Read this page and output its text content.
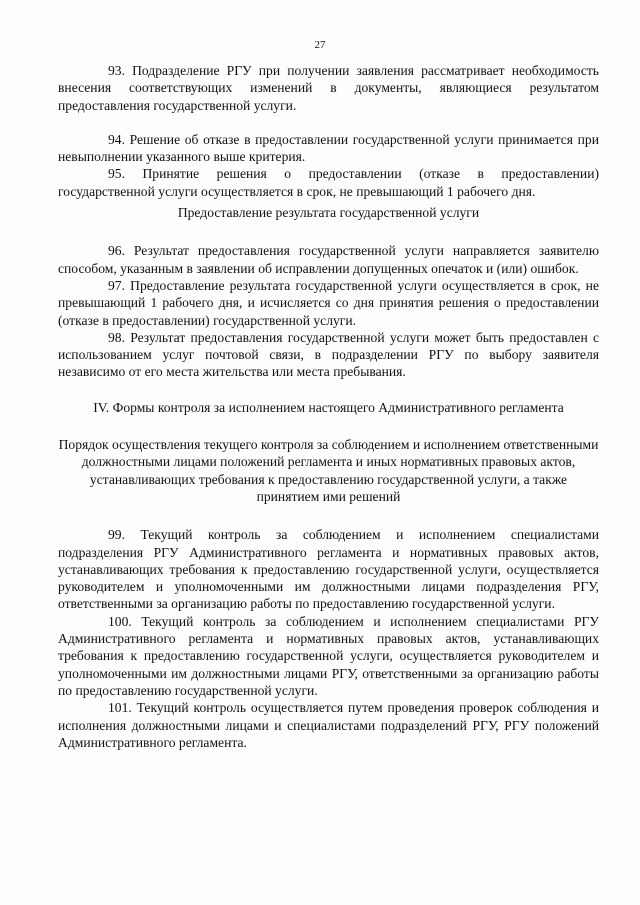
27

93. Подразделение РГУ при получении заявления рассматривает необходимость внесения соответствующих изменений в документы, являющиеся результатом предоставления государственной услуги.

94. Решение об отказе в предоставлении государственной услуги принимается при невыполнении указанного выше критерия.

95. Принятие решения о предоставлении (отказе в предоставлении) государственной услуги осуществляется в срок, не превышающий 1 рабочего дня.

Предоставление результата государственной услуги

96. Результат предоставления государственной услуги направляется заявителю способом, указанным в заявлении об исправлении допущенных опечаток и (или) ошибок.

97. Предоставление результата государственной услуги осуществляется в срок, не превышающий 1 рабочего дня, и исчисляется со дня принятия решения о предоставлении (отказе в предоставлении) государственной услуги.

98. Результат предоставления государственной услуги может быть предоставлен с использованием услуг почтовой связи, в подразделении РГУ по выбору заявителя независимо от его места жительства или места пребывания.

IV. Формы контроля за исполнением настоящего Административного регламента

Порядок осуществления текущего контроля за соблюдением и исполнением ответственными должностными лицами положений регламента и иных нормативных правовых актов, устанавливающих требования к предоставлению государственной услуги, а также принятием ими решений

99. Текущий контроль за соблюдением и исполнением специалистами подразделения РГУ Административного регламента и нормативных правовых актов, устанавливающих требования к предоставлению государственной услуги, осуществляется руководителем и уполномоченными им должностными лицами подразделения РГУ, ответственными за организацию работы по предоставлению государственной услуги.

100. Текущий контроль за соблюдением и исполнением специалистами РГУ Административного регламента и нормативных правовых актов, устанавливающих требования к предоставлению государственной услуги, осуществляется руководителем и уполномоченными им должностными лицами РГУ, ответственными за организацию работы по предоставлению государственной услуги.

101. Текущий контроль осуществляется путем проведения проверок соблюдения и исполнения должностными лицами и специалистами подразделений РГУ, РГУ положений Административного регламента.
